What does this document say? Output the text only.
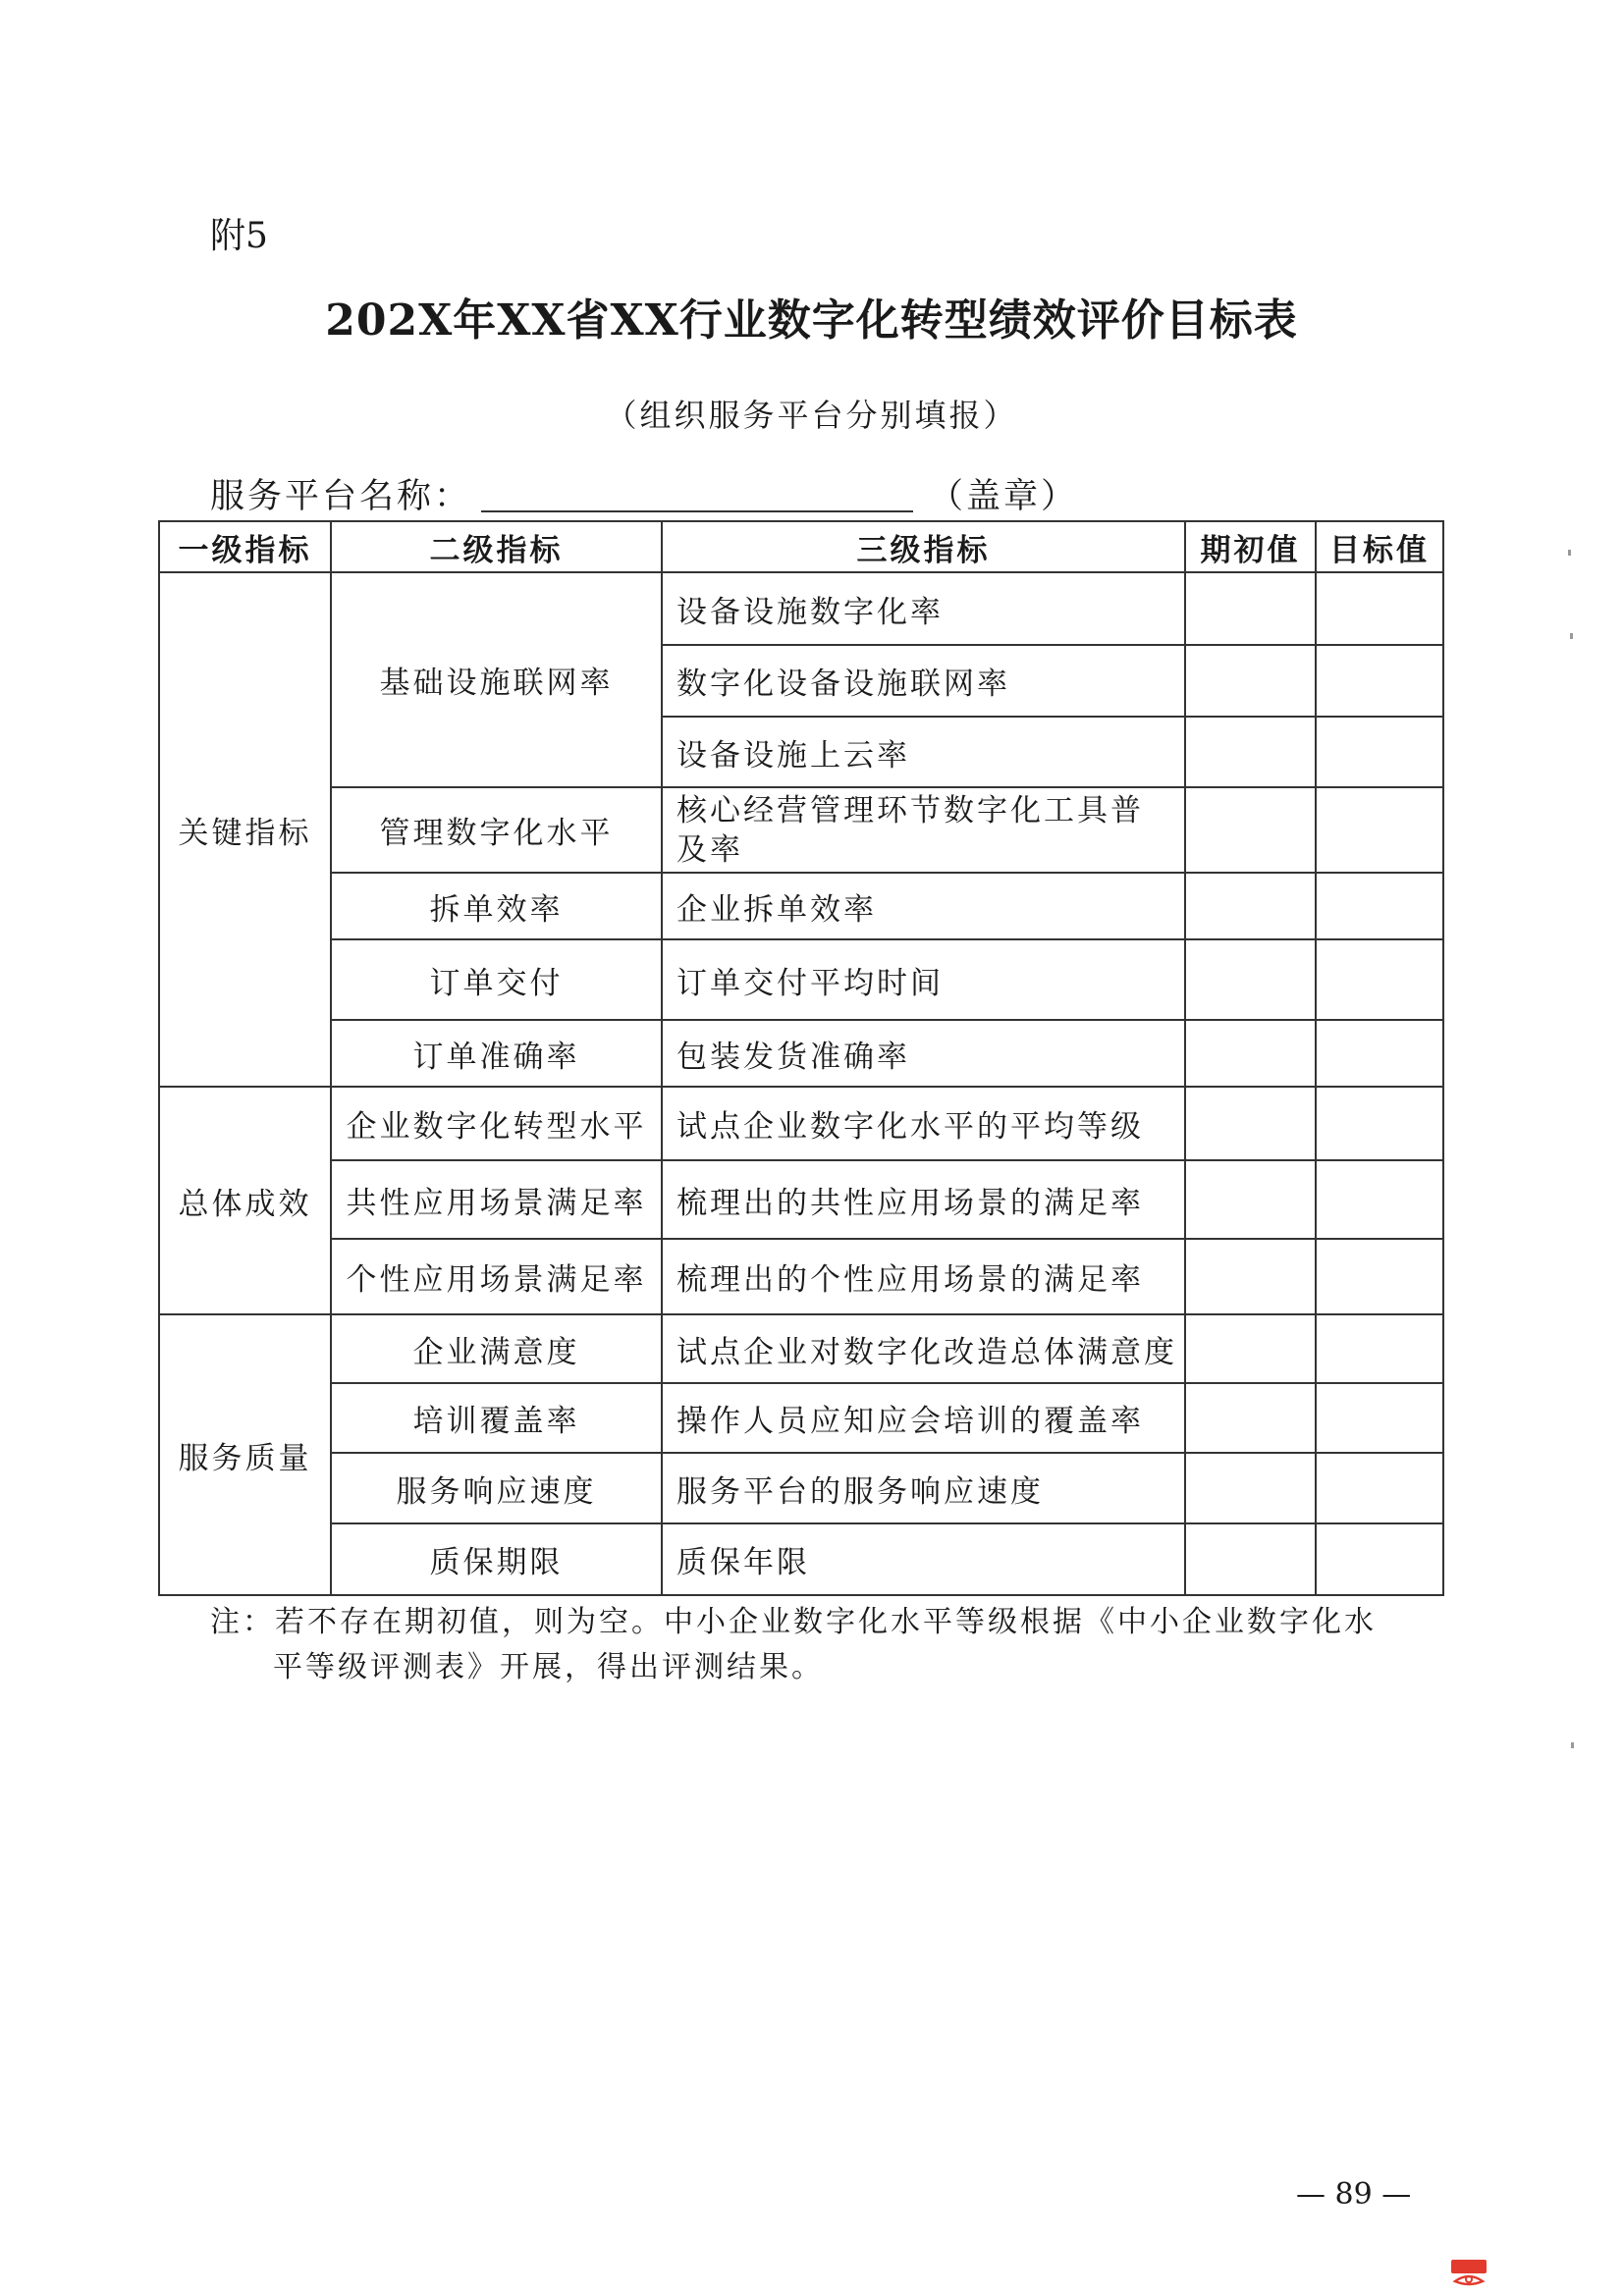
附5
202X年XX省XX行业数字化转型绩效评价目标表
（组织服务平台分别填报）
服务平台名称：	（盖章）
一级指标	二级指标	三级指标	期初值	目标值
关键指标	基础设施联网率	设备设施数字化率		
		数字化设备设施联网率		
		设备设施上云率		
	管理数字化水平	核心经营管理环节数字化工具普及率		
	拆单效率	企业拆单效率		
	订单交付	订单交付平均时间		
	订单准确率	包装发货准确率		
总体成效	企业数字化转型水平	试点企业数字化水平的平均等级		
	共性应用场景满足率	梳理出的共性应用场景的满足率		
	个性应用场景满足率	梳理出的个性应用场景的满足率		
服务质量	企业满意度	试点企业对数字化改造总体满意度		
	培训覆盖率	操作人员应知应会培训的覆盖率		
	服务响应速度	服务平台的服务响应速度		
	质保期限	质保年限		
注：若不存在期初值，则为空。中小企业数字化水平等级根据《中小企业数字化水
平等级评测表》开展，得出评测结果。
— 89 —
